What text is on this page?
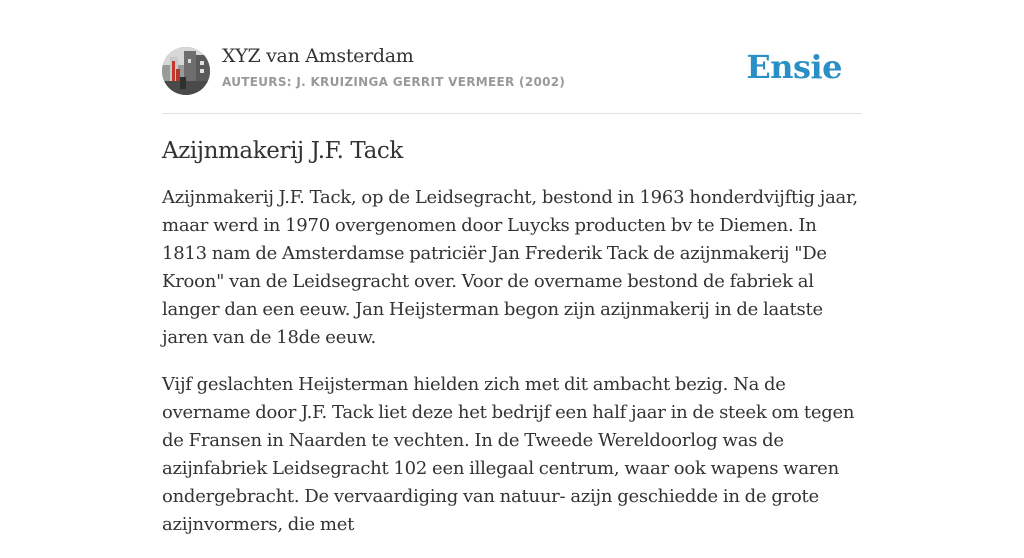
XYZ van Amsterdam
AUTEURS: J. KRUIZINGA GERRIT VERMEER (2002)	Ensie
Azijnmakerij J.F. Tack

Azijnmakerij J.F. Tack, op de Leidsegracht, bestond in 1963 honderdvijftig jaar, maar werd in 1970 overgenomen door Luycks producten bv te Diemen. In 1813 nam de Amsterdamse patriciër Jan Frederik Tack de azijnmakerij "De Kroon" van de Leidsegracht over. Voor de overname bestond de fabriek al langer dan een eeuw. Jan Heijsterman begon zijn azijnmakerij in de laatste jaren van de 18de eeuw.

Vijf geslachten Heijsterman hielden zich met dit ambacht bezig. Na de overname door J.F. Tack liet deze het bedrijf een half jaar in de steek om tegen de Fransen in Naarden te vechten. In de Tweede Wereldoorlog was de azijnfabriek Leidsegracht 102 een illegaal centrum, waar ook wapens waren ondergebracht. De vervaardiging van natuur- azijn geschiedde in de grote azijnvormers, die met
